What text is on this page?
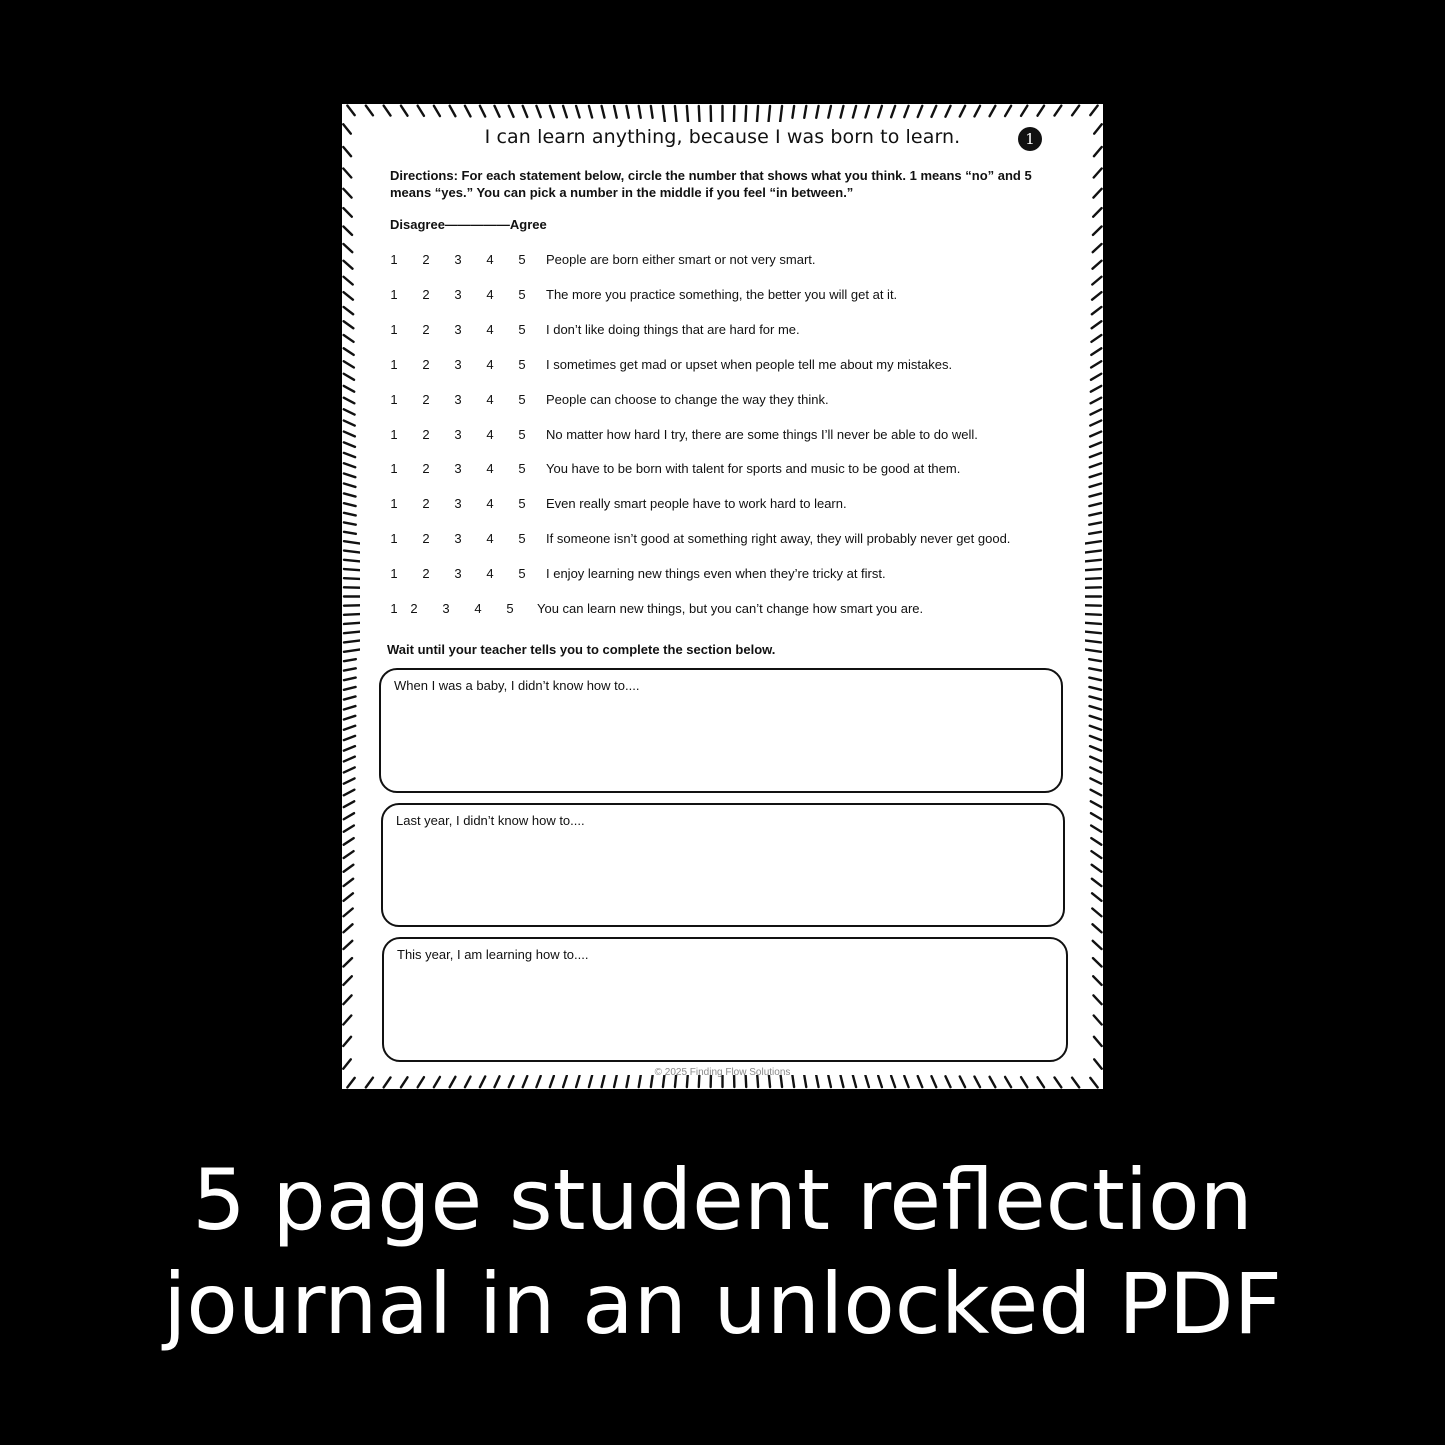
I can learn anything, because I was born to learn.	1
Directions: For each statement below, circle the number that shows what you think. 1 means “no” and 5 means “yes.” You can pick a number in the middle if you feel “in between.”
Disagree—————Agree
1 2 3 4 5 People are born either smart or not very smart.
1 2 3 4 5 The more you practice something, the better you will get at it.
1 2 3 4 5 I don’t like doing things that are hard for me.
1 2 3 4 5 I sometimes get mad or upset when people tell me about my mistakes.
1 2 3 4 5 People can choose to change the way they think.
1 2 3 4 5 No matter how hard I try, there are some things I’ll never be able to do well.
1 2 3 4 5 You have to be born with talent for sports and music to be good at them.
1 2 3 4 5 Even really smart people have to work hard to learn.
1 2 3 4 5 If someone isn’t good at something right away, they will probably never get good.
1 2 3 4 5 I enjoy learning new things even when they’re tricky at first.
1 2 3 4 5 You can learn new things, but you can’t change how smart you are.
Wait until your teacher tells you to complete the section below.
When I was a baby, I didn’t know how to....
Last year, I didn’t know how to....
This year, I am learning how to....
© 2025 Finding Flow Solutions
5 page student reflection
journal in an unlocked PDF
